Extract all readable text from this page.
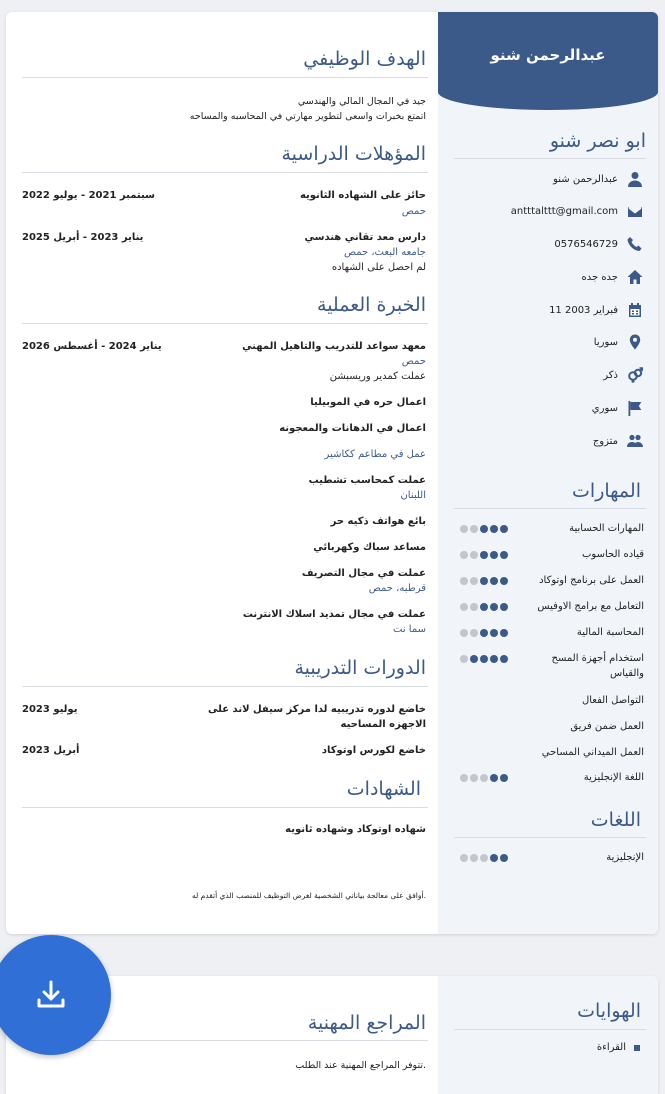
عبدالرحمن شنو
ابو نصر شنو
عبدالرحمن شنو
antttalttt@gmail.com
0576546729
جده جده
11 فبراير 2003
سوريا
ذكر
سوري
متزوج
المهارات
المهارات الحسابية
قياده الحاسوب
العمل على برنامج اوتوكاد
التعامل مع برامج الاوفيس
المحاسبة المالية
استخدام أجهزة المسح
والقياس
التواصل الفعال
العمل ضمن فريق
العمل الميداني المساحي
اللغة الإنجليزية
اللغات
الإنجليزية
الهدف الوظيفي
جيد في المجال المالي والهندسي
اتمتع بخبرات واسعى لتطوير مهارتي في المحاسبه والمساحه
المؤهلات الدراسية
حائز على الشهاده الثانويه
سبتمبر 2021 - يوليو 2022
حمص
دارس معد تقاني هندسي
يناير 2023 - أبريل 2025
جامعه البعث، حمص
لم احصل على الشهاده
الخبرة العملية
معهد سواعد للتدريب والتاهيل المهني
يناير 2024 - أغسطس 2026
حمص
عملت كمدير وريسبشن
اعمال حره في الموبيليا
اعمال في الدهانات والمعجونه
عمل في مطاعم ككاشير
عملت كمحاسب تشطيب
اللبنان
بائع هواتف ذكيه حر
مساعد سباك وكهربائي
عملت في مجال التصريف
قرطبه، حمص
عملت في مجال تمديد اسلاك الانترنت
سما نت
الدورات التدريبية
خاضع لدوره تدريبيه لدا مركز سيفل لاند على
الاجهزه المساحيه
يوليو 2023
خاضع لكورس اوتوكاد
أبريل 2023
الشهادات
شهاده اوتوكاد وشهاده ثانويه
أوافق على معالجة بياناتي الشخصية لغرض التوظيف للمنصب الذي أتقدم له.
الهوايات
القراءة
المراجع المهنية
تتوفر المراجع المهنية عند الطلب.
